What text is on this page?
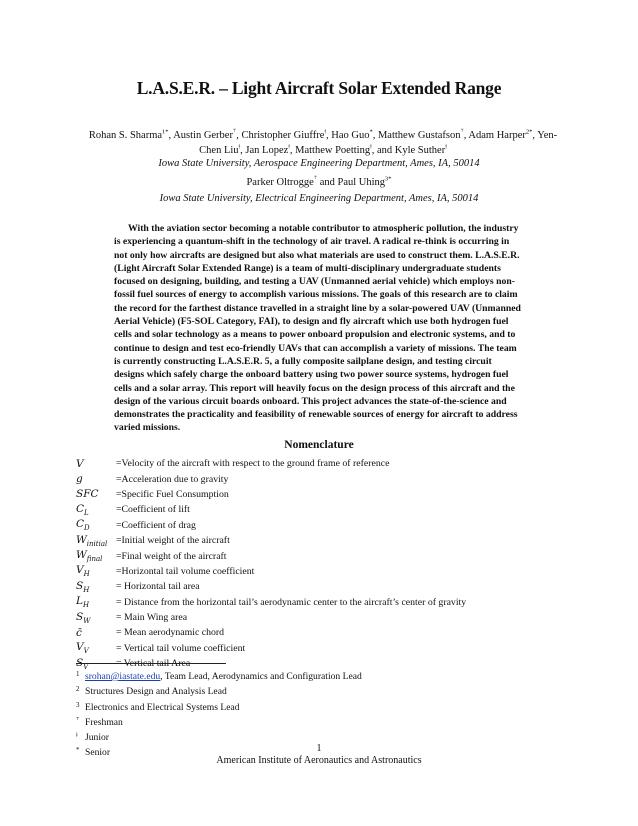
L.A.S.E.R. – Light Aircraft Solar Extended Range
Rohan S. Sharma$^{1*}$, Austin Gerber⸆, Christopher Giuffre$^ǂ$, Hao Guo*, Matthew Gustafson⸆, Adam Harper$^{2*}$, Yen-Chen Liu$^ǂ$, Jan Lopez$^ǂ$, Matthew Poetting$^ǂ$, and Kyle Suther$^ǂ$
Iowa State University, Aerospace Engineering Department, Ames, IA, 50014
Parker Oltrogge⸆ and Paul Uhing$^{3*}$
Iowa State University, Electrical Engineering Department, Ames, IA, 50014
With the aviation sector becoming a notable contributor to atmospheric pollution, the industry is experiencing a quantum-shift in the technology of air travel. A radical re-think is occurring in not only how aircrafts are designed but also what materials are used to construct them. L.A.S.E.R. (Light Aircraft Solar Extended Range) is a team of multi-disciplinary undergraduate students focused on designing, building, and testing a UAV (Unmanned aerial vehicle) which employs non-fossil fuel sources of energy to accomplish various missions. The goals of this research are to claim the record for the farthest distance travelled in a straight line by a solar-powered UAV (Unmanned Aerial Vehicle) (F5-SOL Category, FAI), to design and fly aircraft which use both hydrogen fuel cells and solar technology as a means to power onboard propulsion and electronic systems, and to continue to design and test eco-friendly UAVs that can accomplish a variety of missions. The team is currently constructing L.A.S.E.R. 5, a fully composite sailplane design, and testing circuit designs which safely charge the onboard battery using two power source systems, hydrogen fuel cells and a solar array. This report will heavily focus on the design process of this aircraft and the design of the various circuit boards onboard. This project advances the state-of-the-science and demonstrates the practicality and feasibility of renewable sources of energy for aircraft to address varied missions.
Nomenclature
V	=Velocity of the aircraft with respect to the ground frame of reference
g	=Acceleration due to gravity
SFC	=Specific Fuel Consumption
$C_L$	=Coefficient of lift
$C_D$	=Coefficient of drag
$W_{initial}$ =Initial weight of the aircraft
$W_{final}$	=Final weight of the aircraft
$V_H$	=Horizontal tail volume coefficient
$S_H$	= Horizontal tail area
$L_H$	= Distance from the horizontal tail’s aerodynamic center to the aircraft’s center of gravity
$S_W$	= Main Wing area
c̄	= Mean aerodynamic chord
$V_V$	= Vertical tail volume coefficient
$S_V$	= Vertical tail Area
1 srohan@iastate.edu, Team Lead, Aerodynamics and Configuration Lead
2 Structures Design and Analysis Lead
3 Electronics and Electrical Systems Lead
⸆ Freshman
ǂ Junior
* Senior	1
American Institute of Aeronautics and Astronautics
